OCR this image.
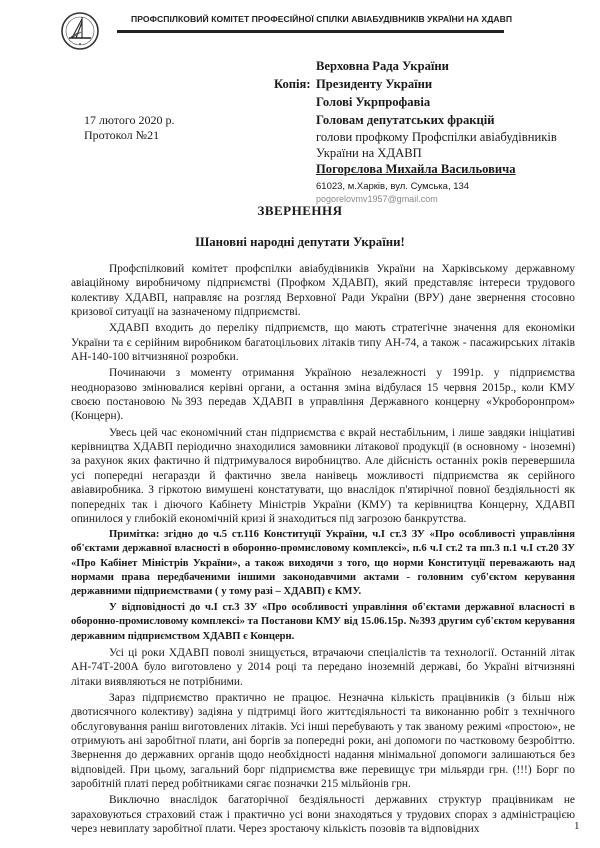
ПРОФСПІЛКОВИЙ КОМІТЕТ ПРОФЕСІЙНОЇ СПІЛКИ АВІАБУДІВНИКІВ УКРАЇНИ НА ХДАВП
Верховна Рада України
Копія: Президенту України
Голові Укрпрофавіа
Головам депутатських фракцій
голови профкому Профспілки авіабудівників
України на ХДАВП
Погорєлова Михайла Васильовича
61023, м.Харків, вул. Сумська, 134
pogorelovmv1957@gmail.com
17 лютого 2020 р.
Протокол №21
ЗВЕРНЕННЯ
Шановні народні депутати України!

Профспілковий комітет профспілки авіабудівників України на Харківському державному авіаційному виробничому підприємстві (Профком ХДАВП), який представляє інтереси трудового колективу ХДАВП, направляє на розгляд Верховної Ради України (ВРУ) дане звернення стосовно кризової ситуації на зазначеному підприємстві.

ХДАВП входить до переліку підприємств, що мають стратегічне значення для економіки України та є серійним виробником багатоцільових літаків типу АН-74, а також - пасажирських літаків АН-140-100 вітчизняної розробки.

Починаючи з моменту отримання Україною незалежності у 1991р. у підприємства неодноразово змінювалися керівні органи, а остання зміна відбулася 15 червня 2015р., коли КМУ своєю постановою №393 передав ХДАВП в управління Державного концерну «Укроборонпром» (Концерн).

Увесь цей час економічний стан підприємства є вкрай нестабільним, і лише завдяки ініціативі керівництва ХДАВП періодично знаходилися замовники літакової продукції (в основному - іноземні) за рахунок яких фактично й підтримувалося виробництво. Але дійсність останніх років перевершила усі попередні негаразди й фактично звела нанівець можливості підприємства як серійного авіавиробника. З гіркотою вимушені констатувати, що внаслідок п'ятирічної повної бездіяльності як попередніх так і діючого Кабінету Міністрів України (КМУ) та керівництва Концерну, ХДАВП опинилося у глибокій економічній кризі й знаходиться під загрозою банкрутства.

Примітка: згідно до ч.5 ст.116 Конституції України, ч.І ст.3 ЗУ «Про особливості управління об'єктами державної власності в оборонно-промисловому комплексі», п.6 ч.І ст.2 та пп.3 п.1 ч.І ст.20 ЗУ «Про Кабінет Міністрів України», а також виходячи з того, що норми Конституції переважають над нормами права передбаченими іншими законодавчими актами - головним суб'єктом керування державними підприємствами ( у тому разі – ХДАВП) є КМУ.

У відповідності до ч.І ст.3 ЗУ «Про особливості управління об'єктами державної власності в оборонно-промисловому комплексі» та Постанови КМУ від 15.06.15р. №393 другим суб'єктом керування державним підприємством ХДАВП є Концерн.

Усі ці роки ХДАВП поволі знищується, втрачаючи спеціалістів та технології. Останній літак АН-74Т-200А було виготовлено у 2014 році та передано іноземній державі, бо Україні вітчизняні літаки виявляються не потрібними.

Зараз підприємство практично не працює. Незначна кількість працівників (з більш ніж двотисячного колективу) задіяна у підтримці його життєдіяльності та виконанню робіт з технічного обслуговування раніш виготовлених літаків. Усі інші перебувають у так званому режимі «простою», не отримують ані заробітної плати, ані боргів за попередні роки, ані допомоги по частковому безробіттю. Звернення до державних органів щодо необхідності надання мінімальної допомоги залишаються без відповідей. При цьому, загальний борг підприємства вже перевищує три мільярди грн. (!!!) Борг по заробітній платі перед робітниками сягає позначки 215 мільйонів грн.

Виключно внаслідок багаторічної бездіяльності державних структур працівникам не зараховуються страховий стаж і практично усі вони знаходяться у трудових спорах з адміністрацією через невиплату заробітної плати. Через зростаючу кількість позовів та відповідних	1
